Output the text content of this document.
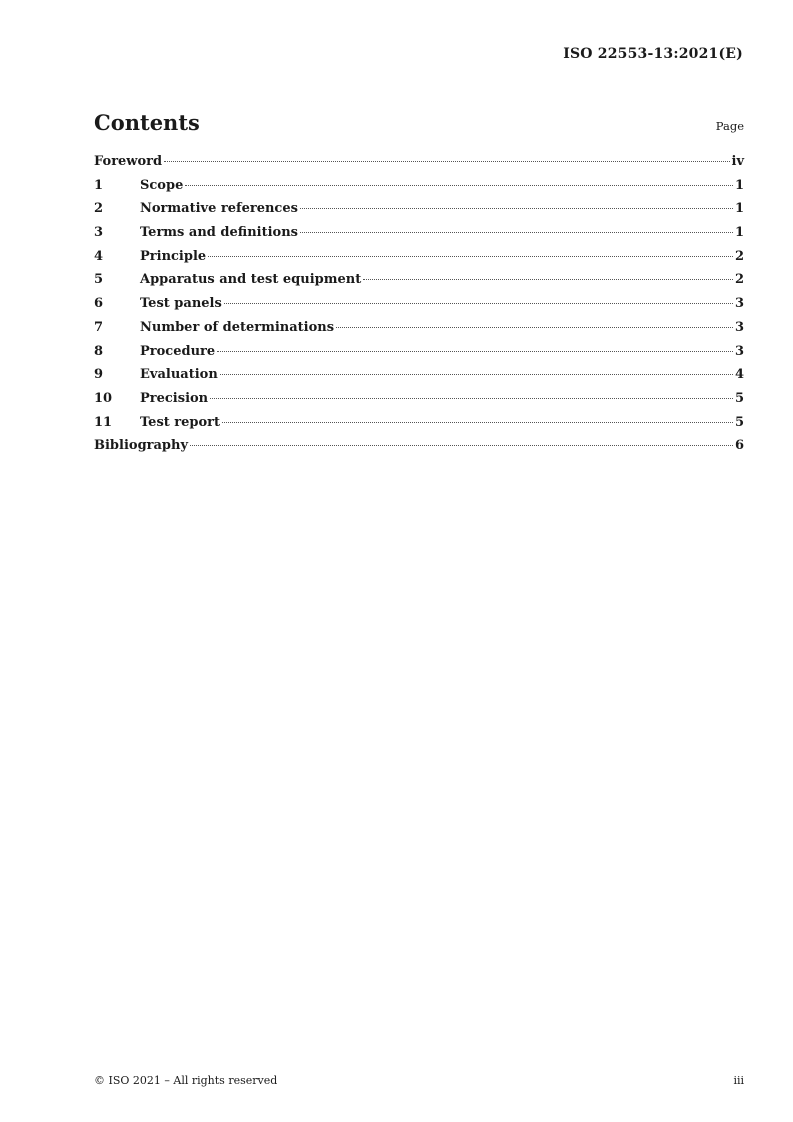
ISO 22553-13:2021(E)
Contents	Page
Foreword	iv
1	Scope	1
2	Normative references	1
3	Terms and definitions	1
4	Principle	2
5	Apparatus and test equipment	2
6	Test panels	3
7	Number of determinations	3
8	Procedure	3
9	Evaluation	4
10	Precision	5
11	Test report	5
Bibliography	6
© ISO 2021 – All rights reserved	iii
